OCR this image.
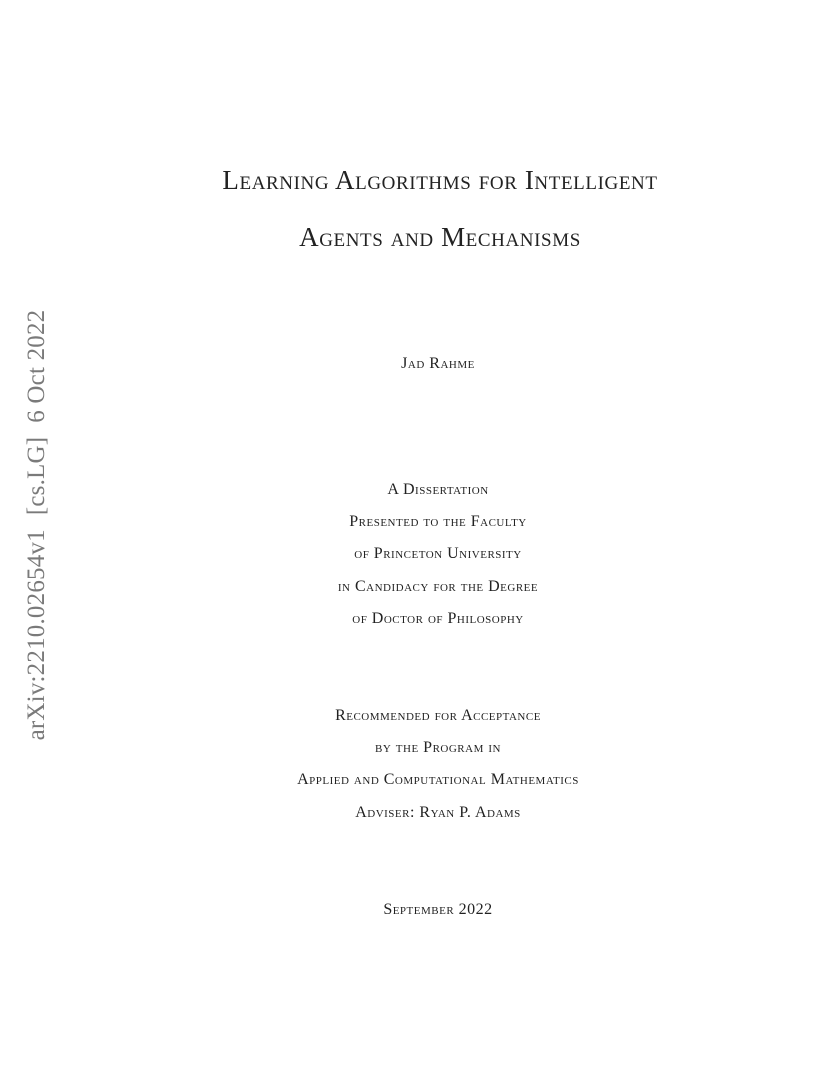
arXiv:2210.02654v1[cs.LG]6 Oct 2022
Learning Algorithms for Intelligent
Agents and Mechanisms
Jad Rahme
A Dissertation
Presented to the Faculty
of Princeton University
in Candidacy for the Degree
of Doctor of Philosophy
Recommended for Acceptance
by the Program in
Applied and Computational Mathematics
Adviser: Ryan P. Adams
September 2022
